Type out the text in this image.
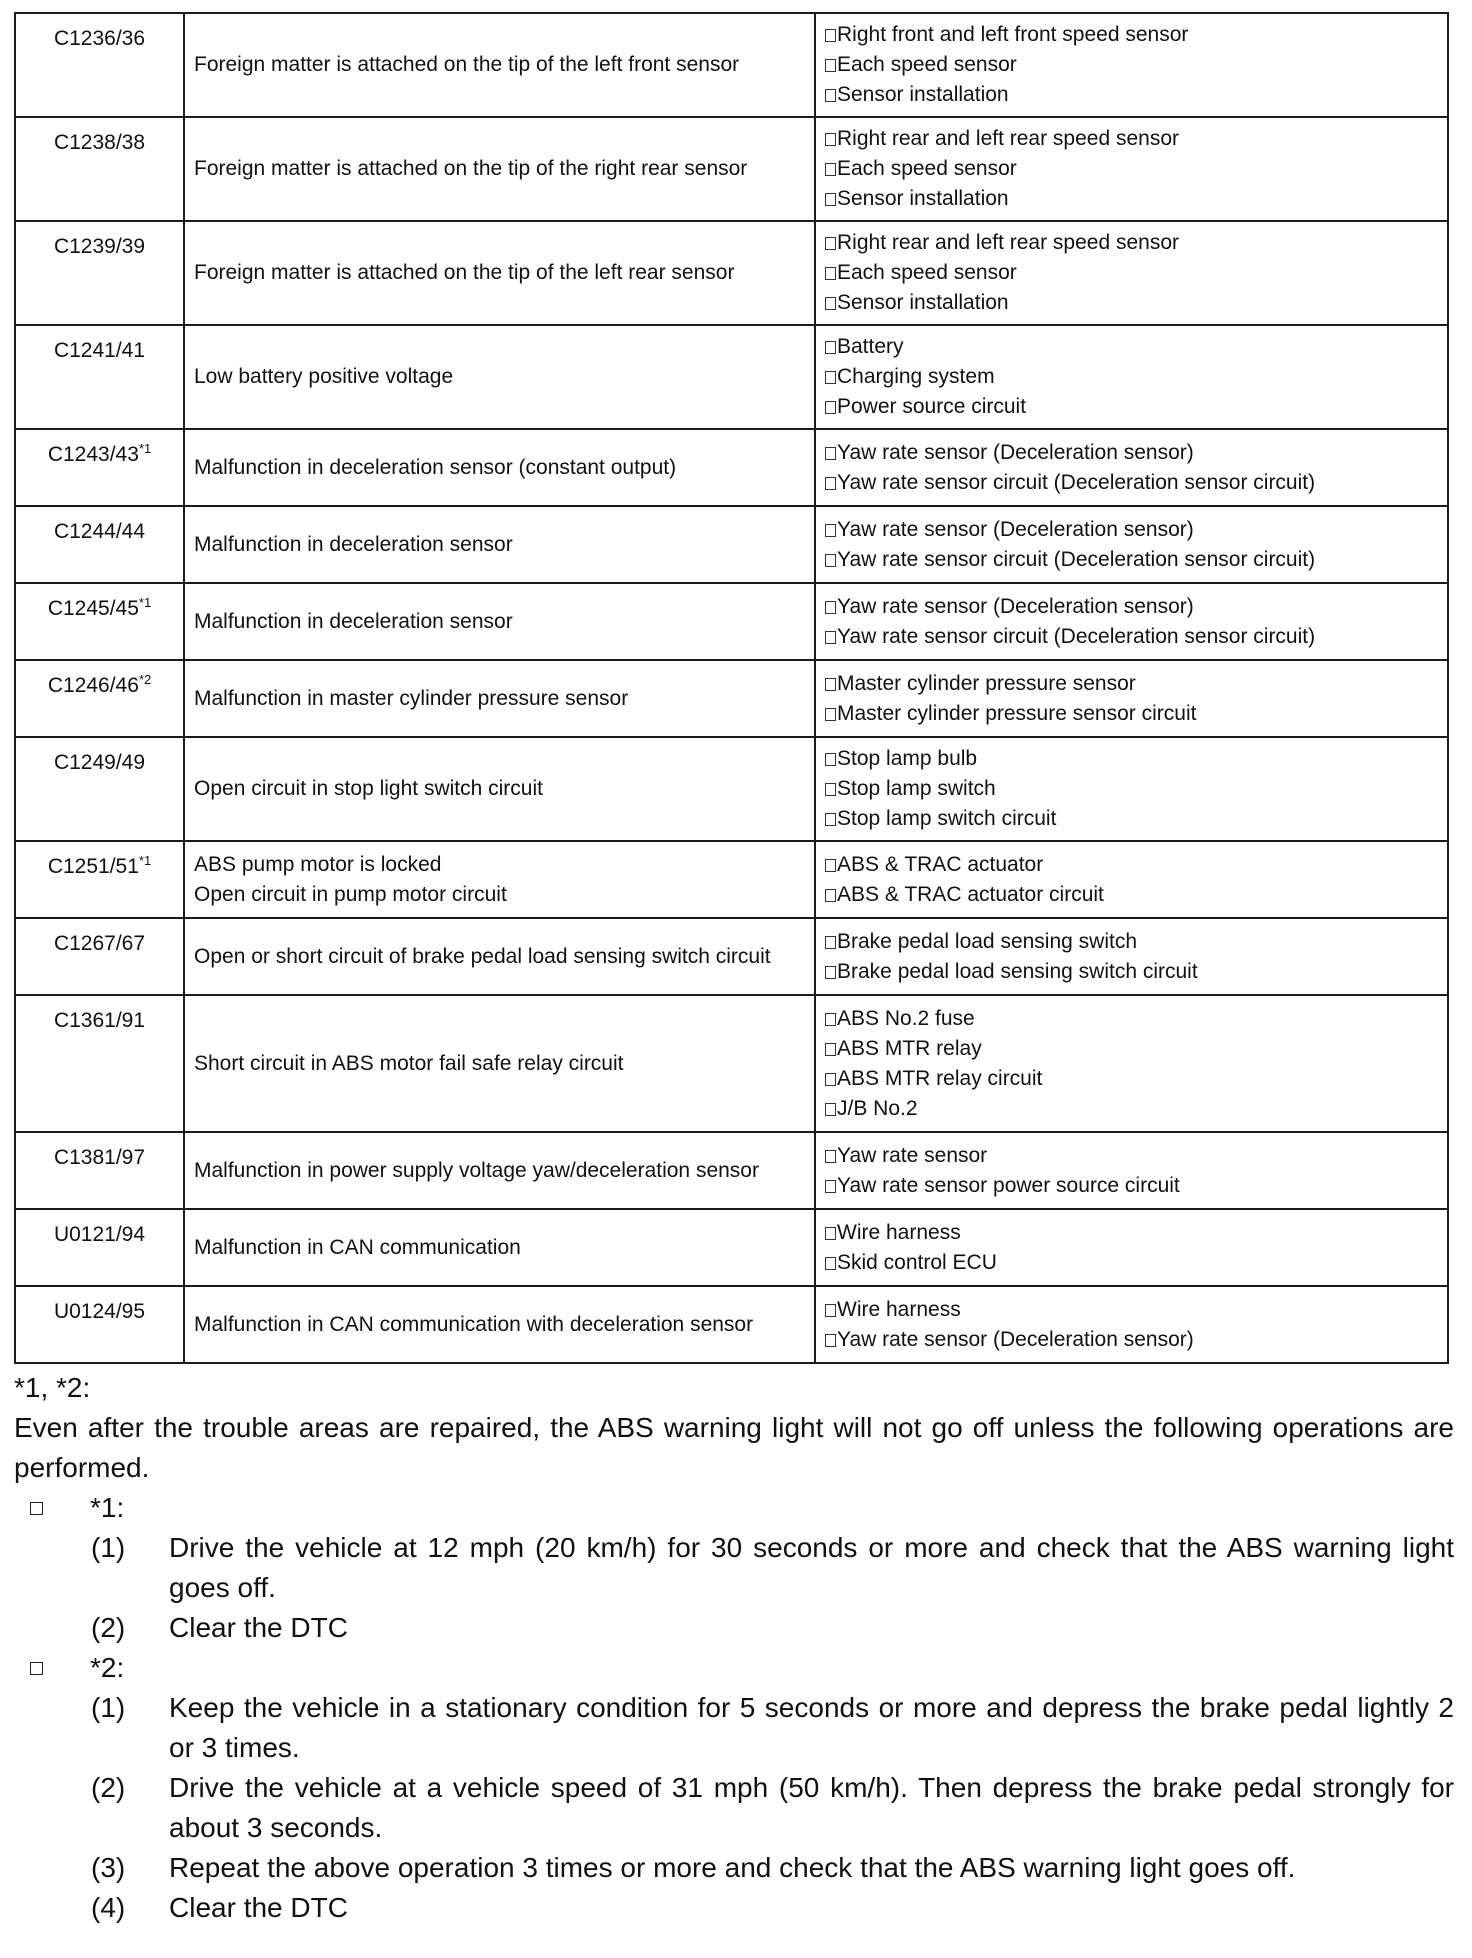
C1236/36	Foreign matter is attached on the tip of the left front sensor	Right front and left front speed sensor
Each speed sensor
Sensor installation

C1238/38	Foreign matter is attached on the tip of the right rear sensor	Right rear and left rear speed sensor
Each speed sensor
Sensor installation

C1239/39	Foreign matter is attached on the tip of the left rear sensor	Right rear and left rear speed sensor
Each speed sensor
Sensor installation

C1241/41	Low battery positive voltage	Battery
Charging system
Power source circuit

C1243/43$^{*1}$	Malfunction in deceleration sensor (constant output)	Yaw rate sensor (Deceleration sensor)
Yaw rate sensor circuit (Deceleration sensor circuit)

C1244/44	Malfunction in deceleration sensor	Yaw rate sensor (Deceleration sensor)
Yaw rate sensor circuit (Deceleration sensor circuit)

C1245/45$^{*1}$	Malfunction in deceleration sensor	Yaw rate sensor (Deceleration sensor)
Yaw rate sensor circuit (Deceleration sensor circuit)

C1246/46$^{*2}$	Malfunction in master cylinder pressure sensor	Master cylinder pressure sensor
Master cylinder pressure sensor circuit

C1249/49	Open circuit in stop light switch circuit	Stop lamp bulb
Stop lamp switch
Stop lamp switch circuit

C1251/51$^{*1}$	ABS pump motor is locked
Open circuit in pump motor circuit	ABS & TRAC actuator
ABS & TRAC actuator circuit

C1267/67	Open or short circuit of brake pedal load sensing switch circuit	Brake pedal load sensing switch
Brake pedal load sensing switch circuit

C1361/91	Short circuit in ABS motor fail safe relay circuit	ABS No.2 fuse
ABS MTR relay
ABS MTR relay circuit
J/B No.2

C1381/97	Malfunction in power supply voltage yaw/deceleration sensor	Yaw rate sensor
Yaw rate sensor power source circuit

U0121/94	Malfunction in CAN communication	Wire harness
Skid control ECU

U0124/95	Malfunction in CAN communication with deceleration sensor	Wire harness
Yaw rate sensor (Deceleration sensor)

*1, *2:

Even after the trouble areas are repaired, the ABS warning light will not go off unless the following operations are performed.

*1:
(1) Drive the vehicle at 12 mph (20 km/h) for 30 seconds or more and check that the ABS warning light goes off.
(2) Clear the DTC
*2:
(1) Keep the vehicle in a stationary condition for 5 seconds or more and depress the brake pedal lightly 2 or 3 times.
(2) Drive the vehicle at a vehicle speed of 31 mph (50 km/h). Then depress the brake pedal strongly for about 3 seconds.
(3) Repeat the above operation 3 times or more and check that the ABS warning light goes off.
(4) Clear the DTC
